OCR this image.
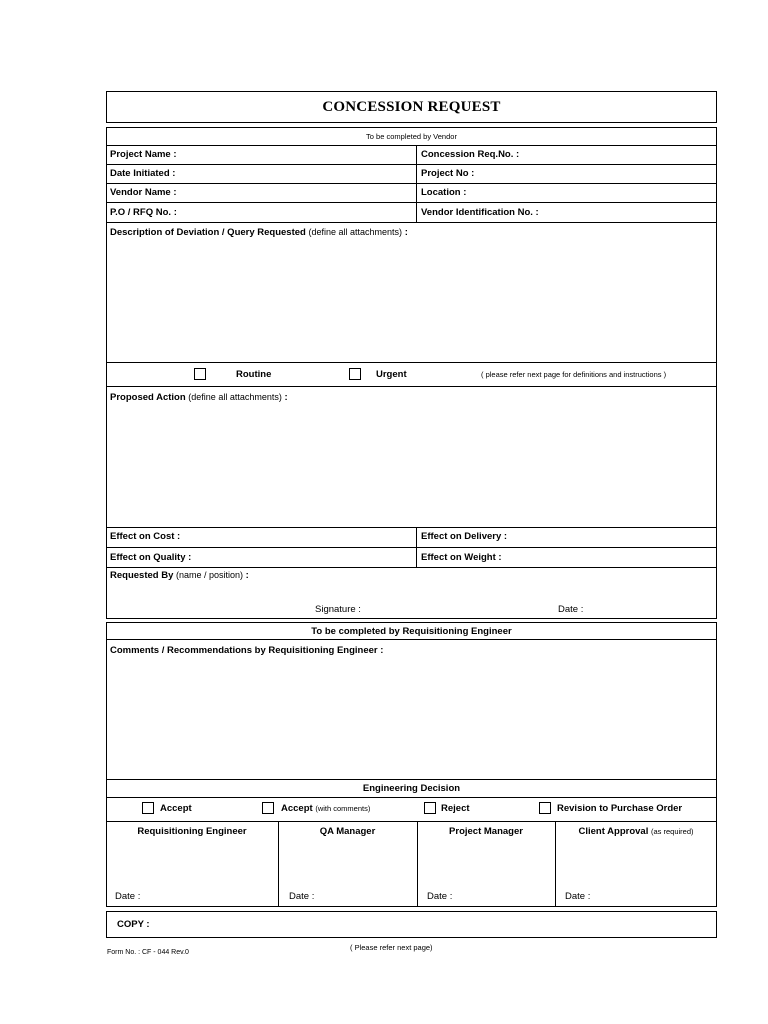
CONCESSION REQUEST
To be completed by Vendor
Project Name :	Concession Req.No. :
Date Initiated :	Project No :
Vendor Name :	Location :
P.O / RFQ No. :	Vendor Identification No. :
Description of Deviation / Query Requested (define all attachments) :
Routine	Urgent	( please refer next page for definitions and instructions )
Proposed Action (define all attachments) :
Effect on Cost :	Effect on Delivery :
Effect on Quality :	Effect on Weight :
Requested By (name / position) :
Signature :	Date :
To be completed by Requisitioning Engineer
Comments / Recommendations by Requisitioning Engineer :
Engineering Decision
Accept	Accept (with comments)	Reject	Revision to Purchase Order
Requisitioning Engineer	QA Manager	Project Manager	Client Approval (as required)
Date :	Date :	Date :	Date :
COPY :
Form No. : CF - 044 Rev.0
( Please refer next page)
